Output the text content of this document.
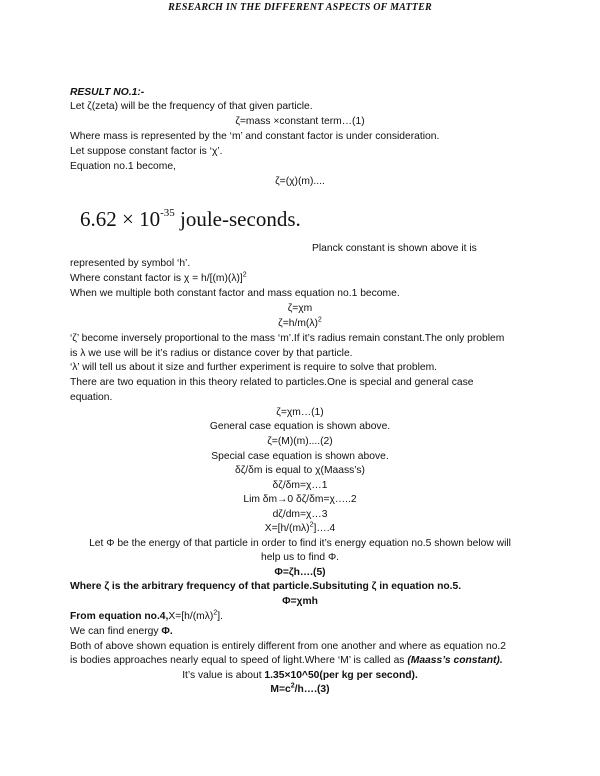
RESEARCH IN THE DIFFERENT ASPECTS OF MATTER
RESULT NO.1:-
Let ζ(zeta) will be the frequency of that given particle.
ζ=mass ×constant term…(1)
Where mass is represented by the ‘m’ and constant factor is under consideration.
Let suppose constant factor is ‘χ’.
Equation no.1 become,
ζ=(χ)(m)....
$6.62 \times 10^{-35}$ joule-seconds.
Planck constant is shown above it is
represented by symbol ‘h’.
Where constant factor is $\chi = h/[(m)(\lambda)]^2$
When we multiple both constant factor and mass equation no.1 become.
ζ=χm
$\zeta=h/m(\lambda)^2$
‘ζ’ become inversely proportional to the mass ‘m’.If it’s radius remain constant.The only problem
is λ we use will be it’s radius or distance cover by that particle.
‘λ’ will tell us about it size and further experiment is require to solve that problem.
There are two equation in this theory related to particles.One is special and general case
equation.
ζ=χm…(1)
General case equation is shown above.
ζ=(M)(m)....(2)
Special case equation is shown above.
δζ/δm is equal to χ(Maass’s)
δζ/δm=χ…1
Lim δm→0 δζ/δm=χ…..2
dζ/dm=χ…3
$X=[h/(m\lambda)^2]\dots.4$
Let Φ be the energy of that particle in order to find it’s energy equation no.5 shown below will
help us to find Φ.
Φ=ζh….(5)
Where ζ is the arbitrary frequency of that particle.Subsituting ζ in equation no.5.
Φ=χmh
From equation $no.4,X=[h/(m\lambda)^2]$.
We can find energy Φ.
Both of above shown equation is entirely different from one another and where as equation no.2
is bodies approaches nearly equal to speed of light.Where ‘M’ is called as (Maass’s constant).
It’s value is about 1.35×10^50(per kg per second).
$M=c^2/h\dots.(3)$
